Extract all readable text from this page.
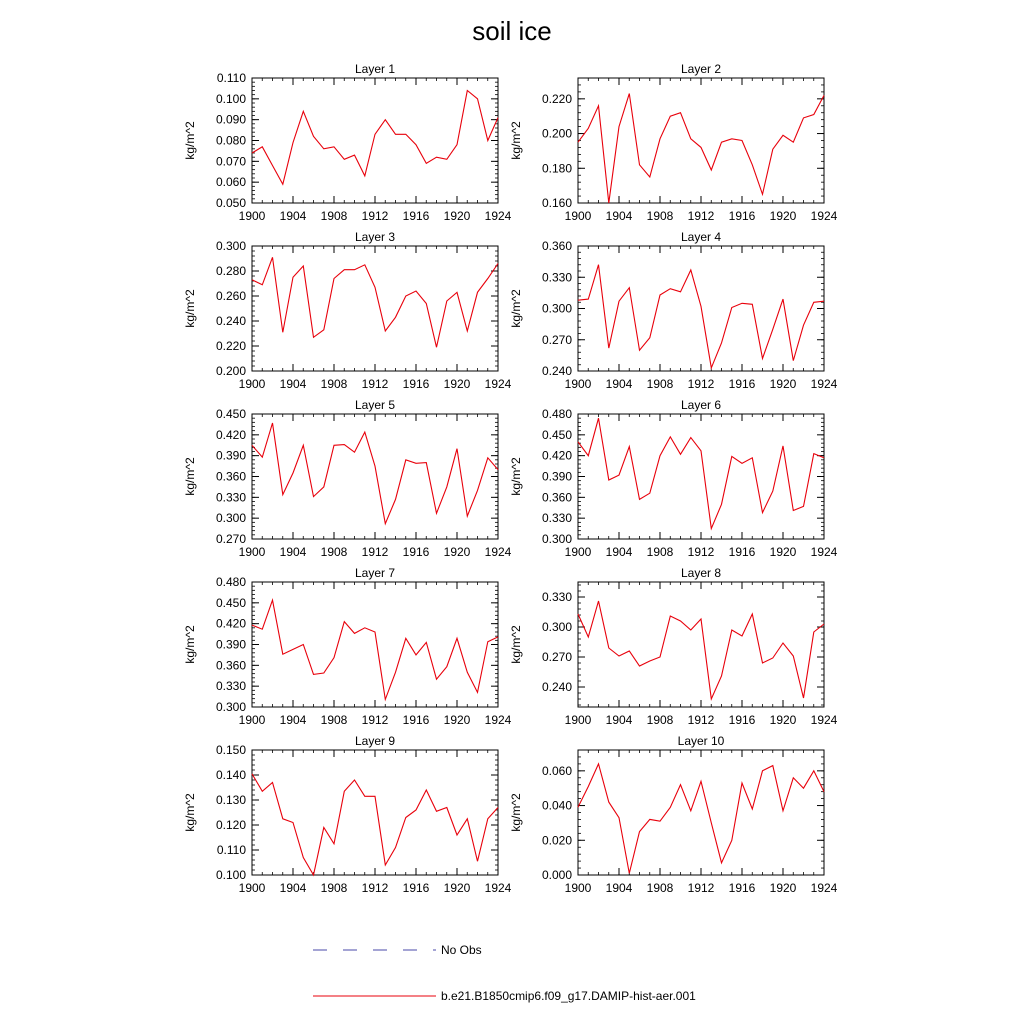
soil ice
Layer 1
kg/m^2
1900 1904 1908 1912 1916 1920 1924
0.050
0.060
0.070
0.080
0.090
0.100
0.110
Layer 2
kg/m^2
1900 1904 1908 1912 1916 1920 1924
0.160
0.180
0.200
0.220
Layer 3
kg/m^2
1900 1904 1908 1912 1916 1920 1924
0.200
0.220
0.240
0.260
0.280
0.300
Layer 4
kg/m^2
1900 1904 1908 1912 1916 1920 1924
0.240
0.270
0.300
0.330
0.360
Layer 5
kg/m^2
1900 1904 1908 1912 1916 1920 1924
0.270
0.300
0.330
0.360
0.390
0.420
0.450
Layer 6
kg/m^2
1900 1904 1908 1912 1916 1920 1924
0.300
0.330
0.360
0.390
0.420
0.450
0.480
Layer 7
kg/m^2
1900 1904 1908 1912 1916 1920 1924
0.300
0.330
0.360
0.390
0.420
0.450
0.480
Layer 8
kg/m^2
1900 1904 1908 1912 1916 1920 1924
0.240
0.270
0.300
0.330
Layer 9
kg/m^2
1900 1904 1908 1912 1916 1920 1924
0.100
0.110
0.120
0.130
0.140
0.150
Layer 10
kg/m^2
1900 1904 1908 1912 1916 1920 1924
0.000
0.020
0.040
0.060
No Obs
b.e21.B1850cmip6.f09_g17.DAMIP-hist-aer.001
